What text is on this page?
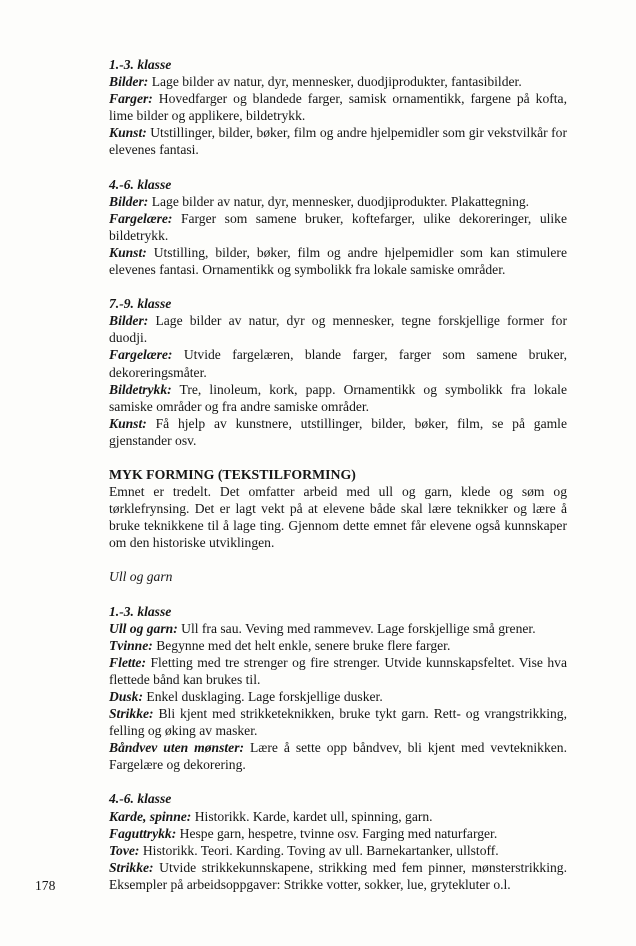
1.-3. klasse

Bilder: Lage bilder av natur, dyr, mennesker, duodjiprodukter, fantasibilder.

Farger: Hovedfarger og blandede farger, samisk ornamentikk, fargene på kofta, lime bilder og applikere, bildetrykk.

Kunst: Utstillinger, bilder, bøker, film og andre hjelpemidler som gir vekstvilkår for elevenes fantasi.

4.-6. klasse

Bilder: Lage bilder av natur, dyr, mennesker, duodjiprodukter. Plakattegning.

Fargelære: Farger som samene bruker, koftefarger, ulike dekoreringer, ulike bildetrykk.

Kunst: Utstilling, bilder, bøker, film og andre hjelpemidler som kan stimulere elevenes fantasi. Ornamentikk og symbolikk fra lokale samiske områder.

7.-9. klasse

Bilder: Lage bilder av natur, dyr og mennesker, tegne forskjellige former for duodji.

Fargelære: Utvide fargelæren, blande farger, farger som samene bruker, dekoreringsmåter.

Bildetrykk: Tre, linoleum, kork, papp. Ornamentikk og symbolikk fra lokale samiske områder og fra andre samiske områder.

Kunst: Få hjelp av kunstnere, utstillinger, bilder, bøker, film, se på gamle gjenstander osv.

MYK FORMING (TEKSTILFORMING)

Emnet er tredelt. Det omfatter arbeid med ull og garn, klede og søm og tørklefrynsing. Det er lagt vekt på at elevene både skal lære teknikker og lære å bruke teknikkene til å lage ting. Gjennom dette emnet får elevene også kunnskaper om den historiske utviklingen.

Ull og garn

1.-3. klasse

Ull og garn: Ull fra sau. Veving med rammevev. Lage forskjellige små grener.

Tvinne: Begynne med det helt enkle, senere bruke flere farger.

Flette: Fletting med tre strenger og fire strenger. Utvide kunnskapsfeltet. Vise hva flettede bånd kan brukes til.

Dusk: Enkel dusklaging. Lage forskjellige dusker.

Strikke: Bli kjent med strikketeknikken, bruke tykt garn. Rett- og vrangstrikking, felling og øking av masker.

Båndvev uten mønster: Lære å sette opp båndvev, bli kjent med vevteknikken. Fargelære og dekorering.

4.-6. klasse

Karde, spinne: Historikk. Karde, kardet ull, spinning, garn.

Faguttrykk: Hespe garn, hespetre, tvinne osv. Farging med naturfarger.

Tove: Historikk. Teori. Karding. Toving av ull. Barnekartanker, ullstoff.

Strikke: Utvide strikkekunnskapene, strikking med fem pinner, mønsterstrikking. Eksempler på arbeidsoppgaver: Strikke votter, sokker, lue, grytekluter o.l.

178
